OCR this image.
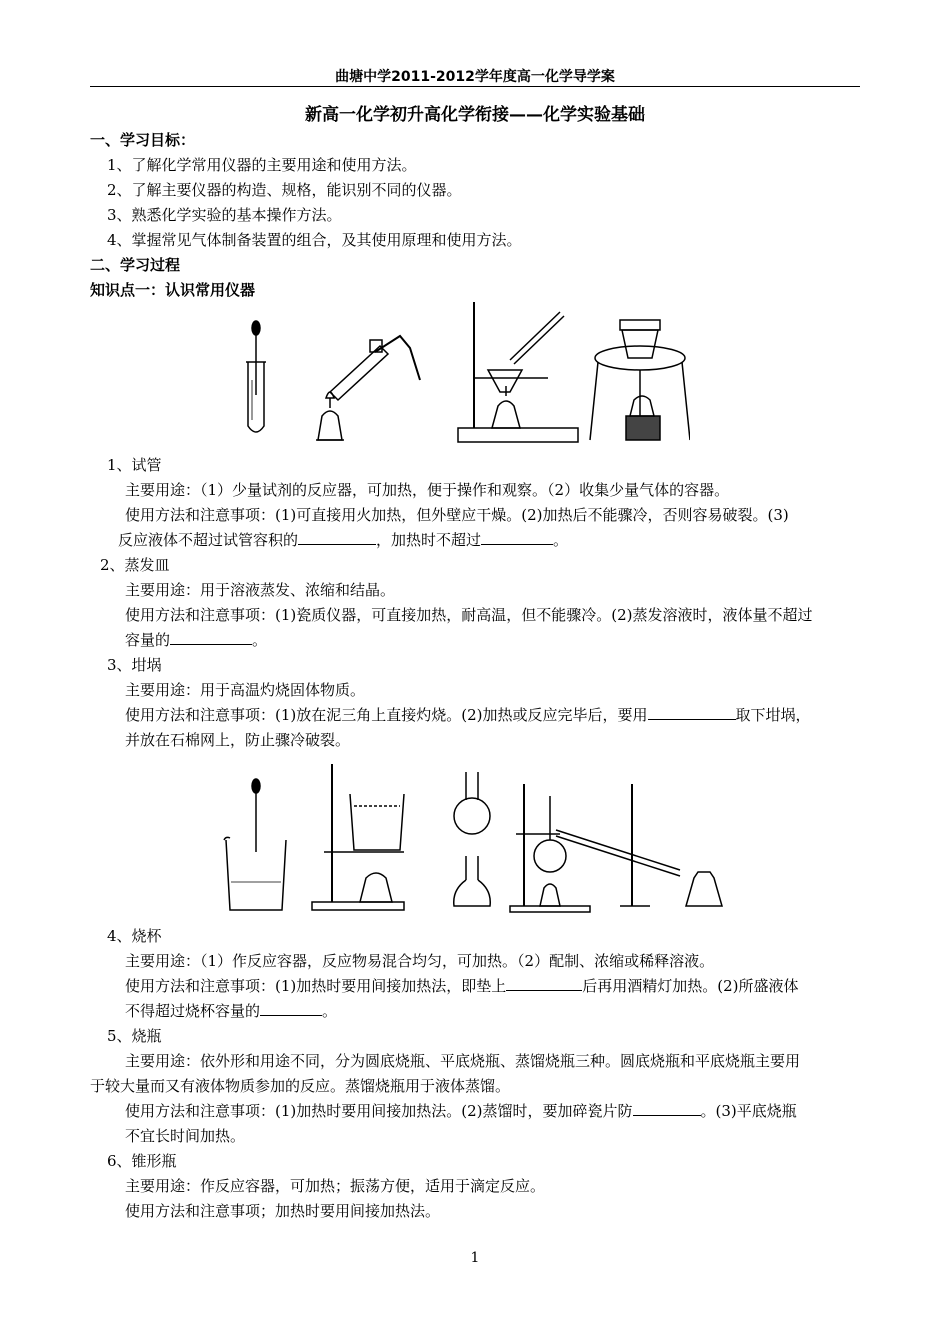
曲塘中学2011-2012学年度高一化学导学案
新高一化学初升高化学衔接——化学实验基础
一、学习目标：
1、了解化学常用仪器的主要用途和使用方法。
2、了解主要仪器的构造、规格，能识别不同的仪器。
3、熟悉化学实验的基本操作方法。
4、掌握常见气体制备装置的组合，及其使用原理和使用方法。
二、学习过程
知识点一：认识常用仪器
1、试管
主要用途：（1）少量试剂的反应器，可加热，便于操作和观察。（2）收集少量气体的容器。
使用方法和注意事项：(1)可直接用火加热，但外壁应干燥。(2)加热后不能骤冷，否则容易破裂。(3)
反应液体不超过试管容积的	，加热时不超过	。
2、蒸发皿
主要用途：用于溶液蒸发、浓缩和结晶。
使用方法和注意事项：(1)瓷质仪器，可直接加热，耐高温，但不能骤冷。(2)蒸发溶液时，液体量不超过
容量的	。
3、坩埚
主要用途：用于高温灼烧固体物质。
使用方法和注意事项：(1)放在泥三角上直接灼烧。(2)加热或反应完毕后，要用	取下坩埚，
并放在石棉网上，防止骤冷破裂。
4、烧杯
主要用途：（1）作反应容器，反应物易混合均匀，可加热。（2）配制、浓缩或稀释溶液。
使用方法和注意事项：(1)加热时要用间接加热法，即垫上	后再用酒精灯加热。(2)所盛液体
不得超过烧杯容量的	。
5、烧瓶
主要用途：依外形和用途不同，分为圆底烧瓶、平底烧瓶、蒸馏烧瓶三种。圆底烧瓶和平底烧瓶主要用
于较大量而又有液体物质参加的反应。蒸馏烧瓶用于液体蒸馏。
使用方法和注意事项：(1)加热时要用间接加热法。(2)蒸馏时，要加碎瓷片防	。(3)平底烧瓶
不宜长时间加热。
6、锥形瓶
主要用途：作反应容器，可加热；振荡方便，适用于滴定反应。
使用方法和注意事项；加热时要用间接加热法。
1
